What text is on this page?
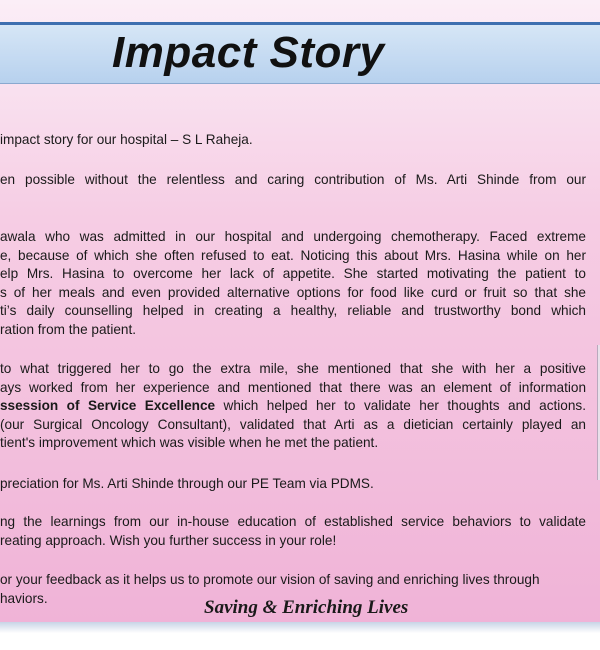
Impact Story
impact story for our hospital – S L Raheja.
en possible without the relentless and caring contribution of Ms. Arti Shinde from our
awala who was admitted in our hospital and undergoing chemotherapy. Faced extreme
e, because of which she often refused to eat. Noticing this about Mrs. Hasina while on her
elp Mrs. Hasina to overcome her lack of appetite. She started motivating the patient to
s of her meals and even provided alternative options for food like curd or fruit so that she
ti’s daily counselling helped in creating a healthy, reliable and trustworthy bond which
ration from the patient.
to what triggered her to go the extra mile, she mentioned that she with her a positive
ays worked from her experience and mentioned that there was an element of information
ssession of Service Excellence which helped her to validate her thoughts and actions.
(our Surgical Oncology Consultant), validated that Arti as a dietician certainly played an
tient's improvement which was visible when he met the patient.
preciation for Ms. Arti Shinde through our PE Team via PDMS.
ng the learnings from our in-house education of established service behaviors to validate
reating approach. Wish you further success in your role!
or your feedback as it helps us to promote our vision of saving and enriching lives through
haviors.	Saving & Enriching Lives
